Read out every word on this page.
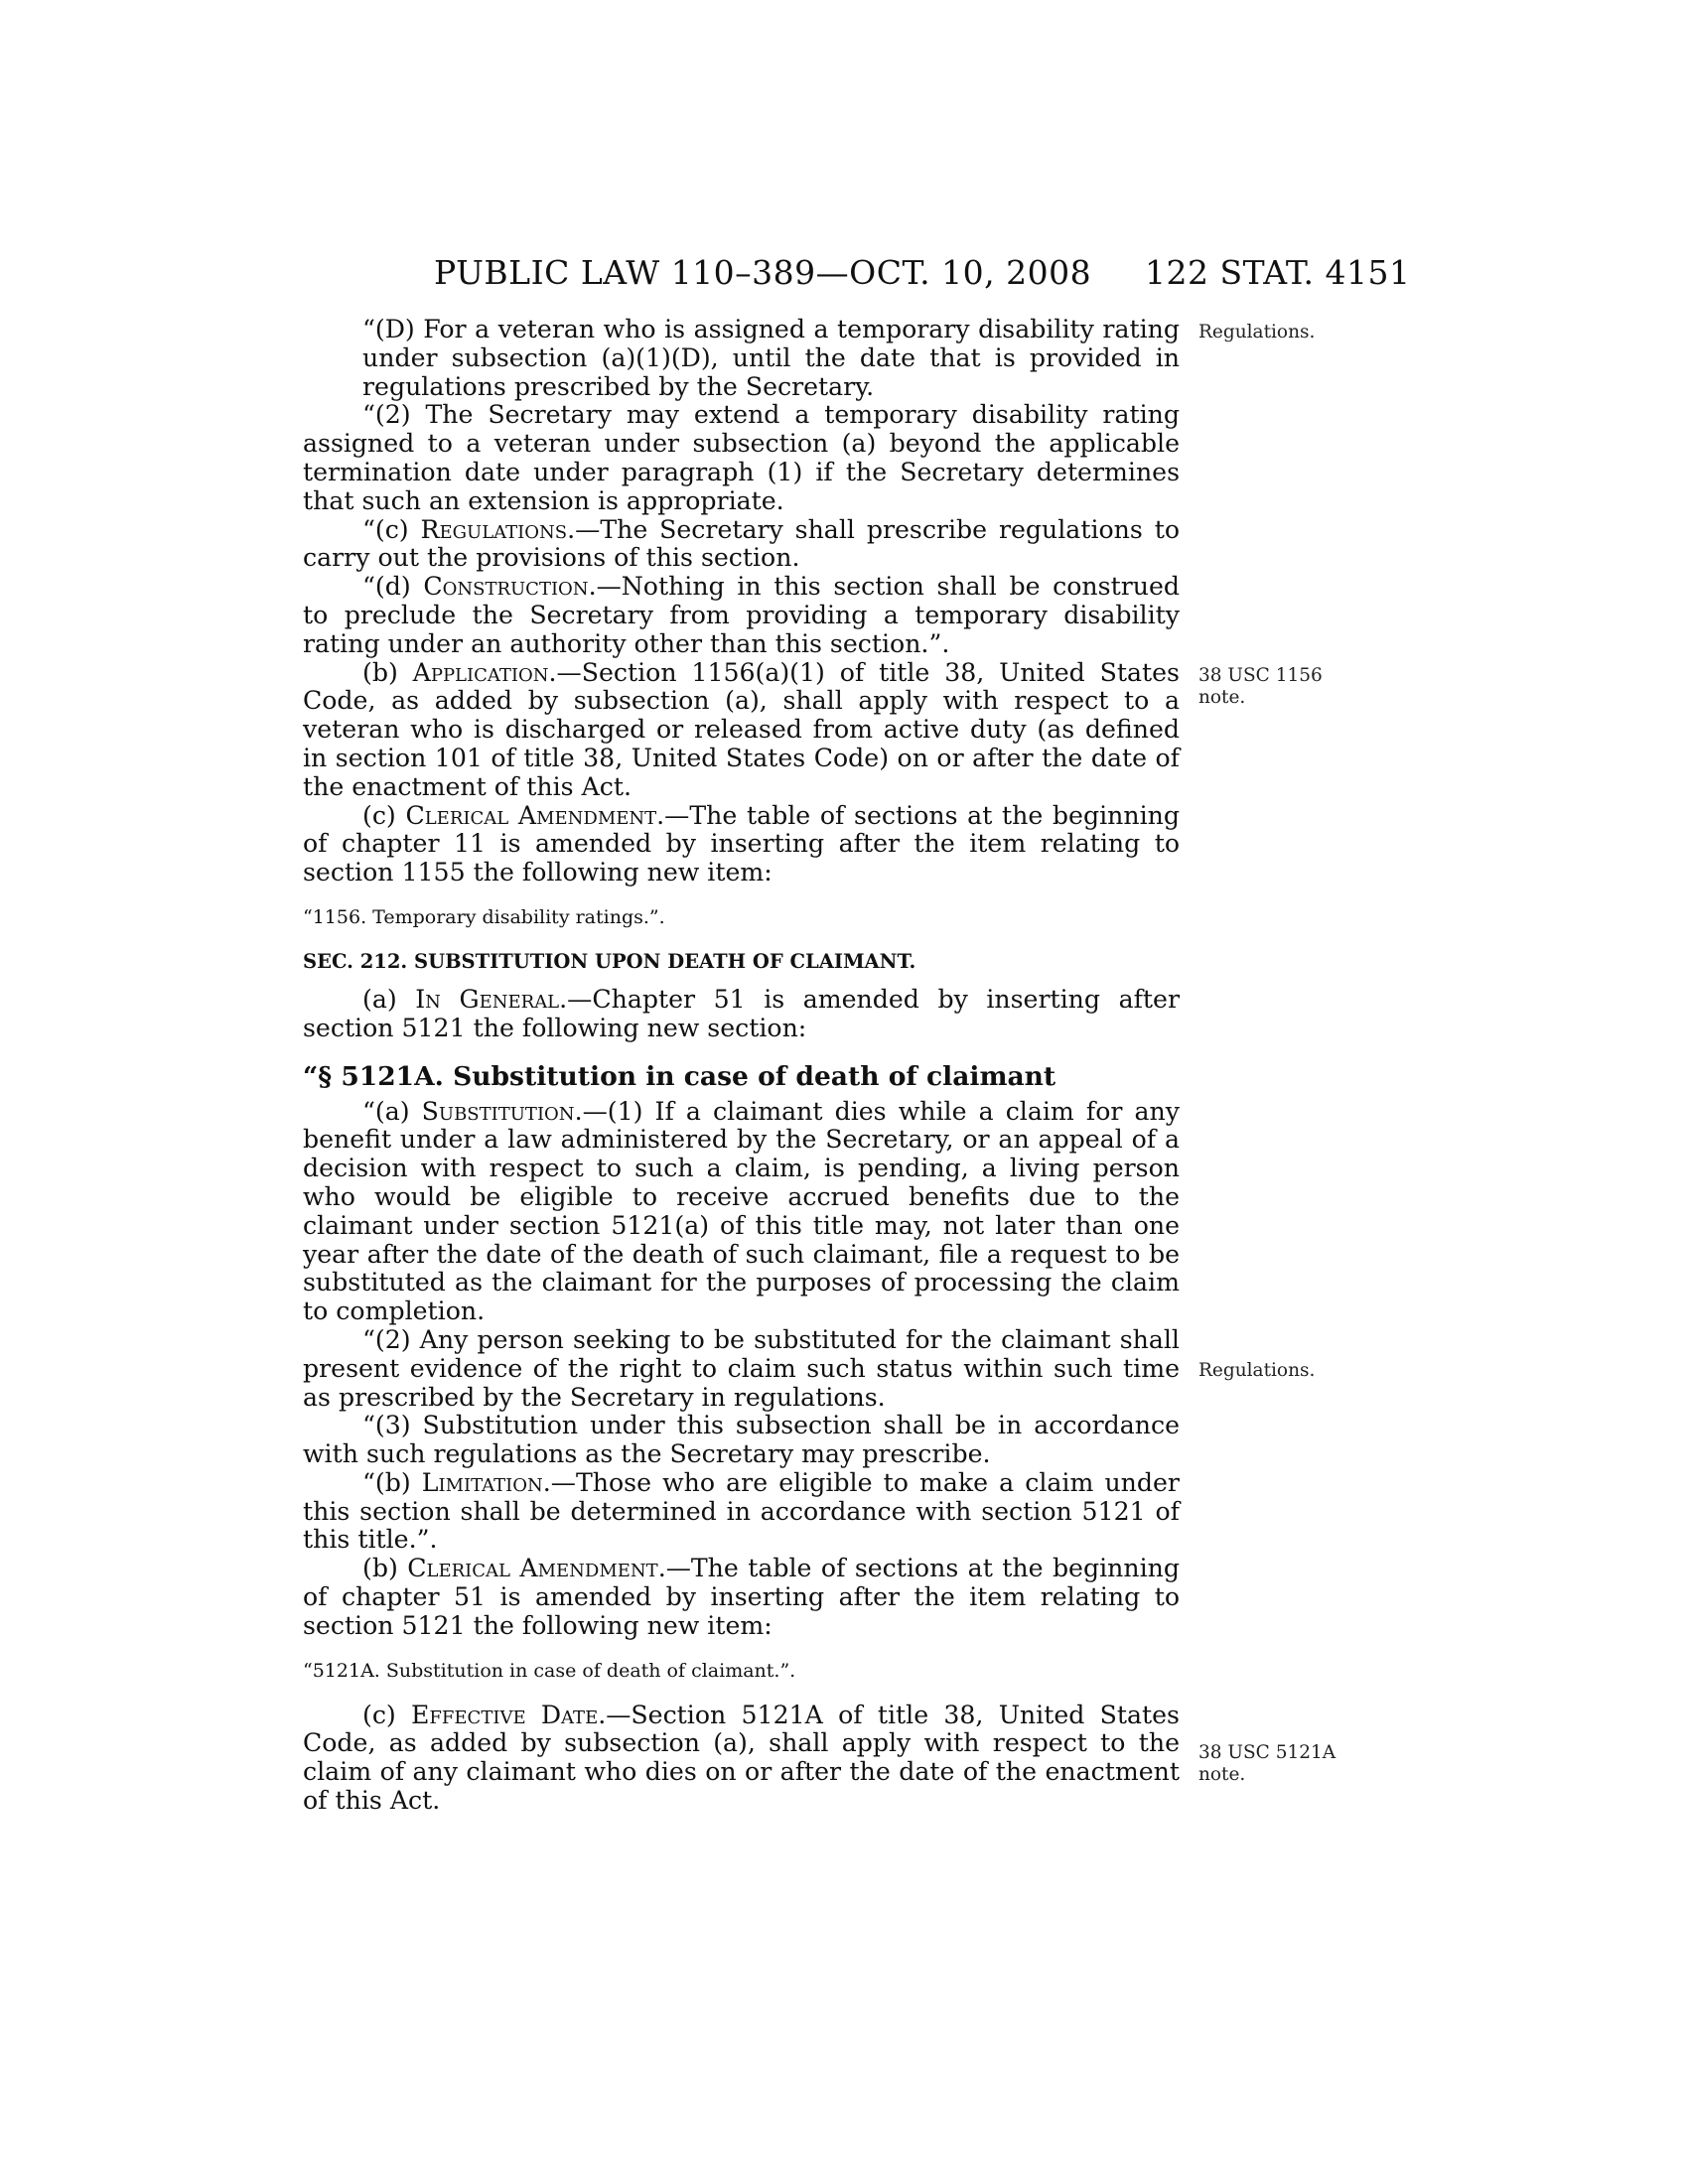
PUBLIC LAW 110–389—OCT. 10, 2008 122 STAT. 4151
Regulations.
38 USC 1156
note.
Regulations.
38 USC 5121A
note.

“(D) For a veteran who is assigned a temporary disability rating under subsection (a)(1)(D), until the date that is provided in regulations prescribed by the Secretary.

“(2) The Secretary may extend a temporary disability rating assigned to a veteran under subsection (a) beyond the applicable termination date under paragraph (1) if the Secretary determines that such an extension is appropriate.

“(c) Regulations.—The Secretary shall prescribe regulations to carry out the provisions of this section.

“(d) Construction.—Nothing in this section shall be construed to preclude the Secretary from providing a temporary disability rating under an authority other than this section.”.

(b) Application.—Section 1156(a)(1) of title 38, United States Code, as added by subsection (a), shall apply with respect to a veteran who is discharged or released from active duty (as defined in section 101 of title 38, United States Code) on or after the date of the enactment of this Act.

(c) Clerical Amendment.—The table of sections at the beginning of chapter 11 is amended by inserting after the item relating to section 1155 the following new item:

“1156. Temporary disability ratings.”.
SEC. 212. SUBSTITUTION UPON DEATH OF CLAIMANT.

(a) In General.—Chapter 51 is amended by inserting after section 5121 the following new section:

“§ 5121A. Substitution in case of death of claimant

“(a) Substitution.—(1) If a claimant dies while a claim for any benefit under a law administered by the Secretary, or an appeal of a decision with respect to such a claim, is pending, a living person who would be eligible to receive accrued benefits due to the claimant under section 5121(a) of this title may, not later than one year after the date of the death of such claimant, file a request to be substituted as the claimant for the purposes of processing the claim to completion.

“(2) Any person seeking to be substituted for the claimant shall present evidence of the right to claim such status within such time as prescribed by the Secretary in regulations.

“(3) Substitution under this subsection shall be in accordance with such regulations as the Secretary may prescribe.

“(b) Limitation.—Those who are eligible to make a claim under this section shall be determined in accordance with section 5121 of this title.”.

(b) Clerical Amendment.—The table of sections at the beginning of chapter 51 is amended by inserting after the item relating to section 5121 the following new item:

“5121A. Substitution in case of death of claimant.”.

(c) Effective Date.—Section 5121A of title 38, United States Code, as added by subsection (a), shall apply with respect to the claim of any claimant who dies on or after the date of the enactment of this Act.
